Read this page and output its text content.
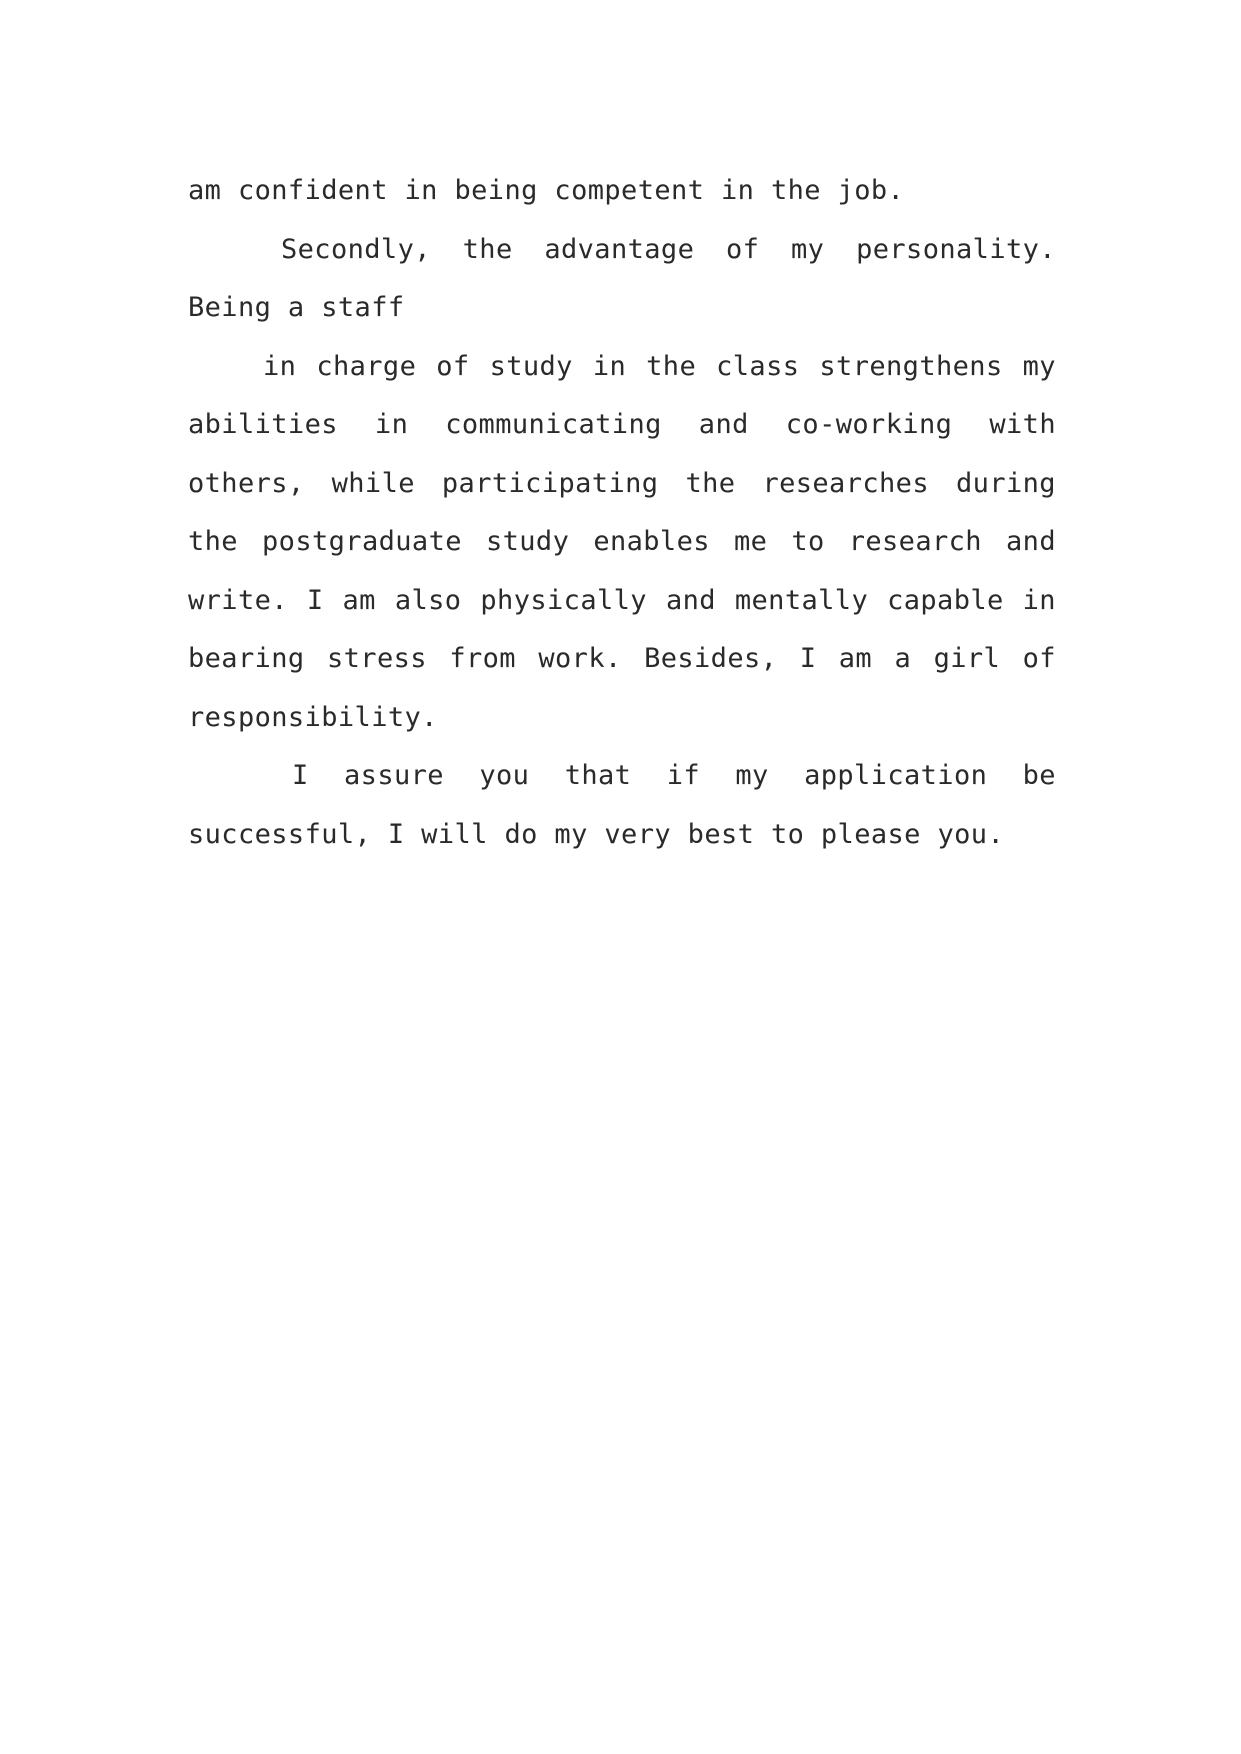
am confident in being competent in the job.
Secondly, the advantage of my personality.
Being a staff
in charge of study in the class strengthens my
abilities in communicating and co-working with
others, while participating the researches during
the postgraduate study enables me to research and
write. I am also physically and mentally capable in
bearing stress from work. Besides, I am a girl of
responsibility.
I assure you that if my application be
successful, I will do my very best to please you.
